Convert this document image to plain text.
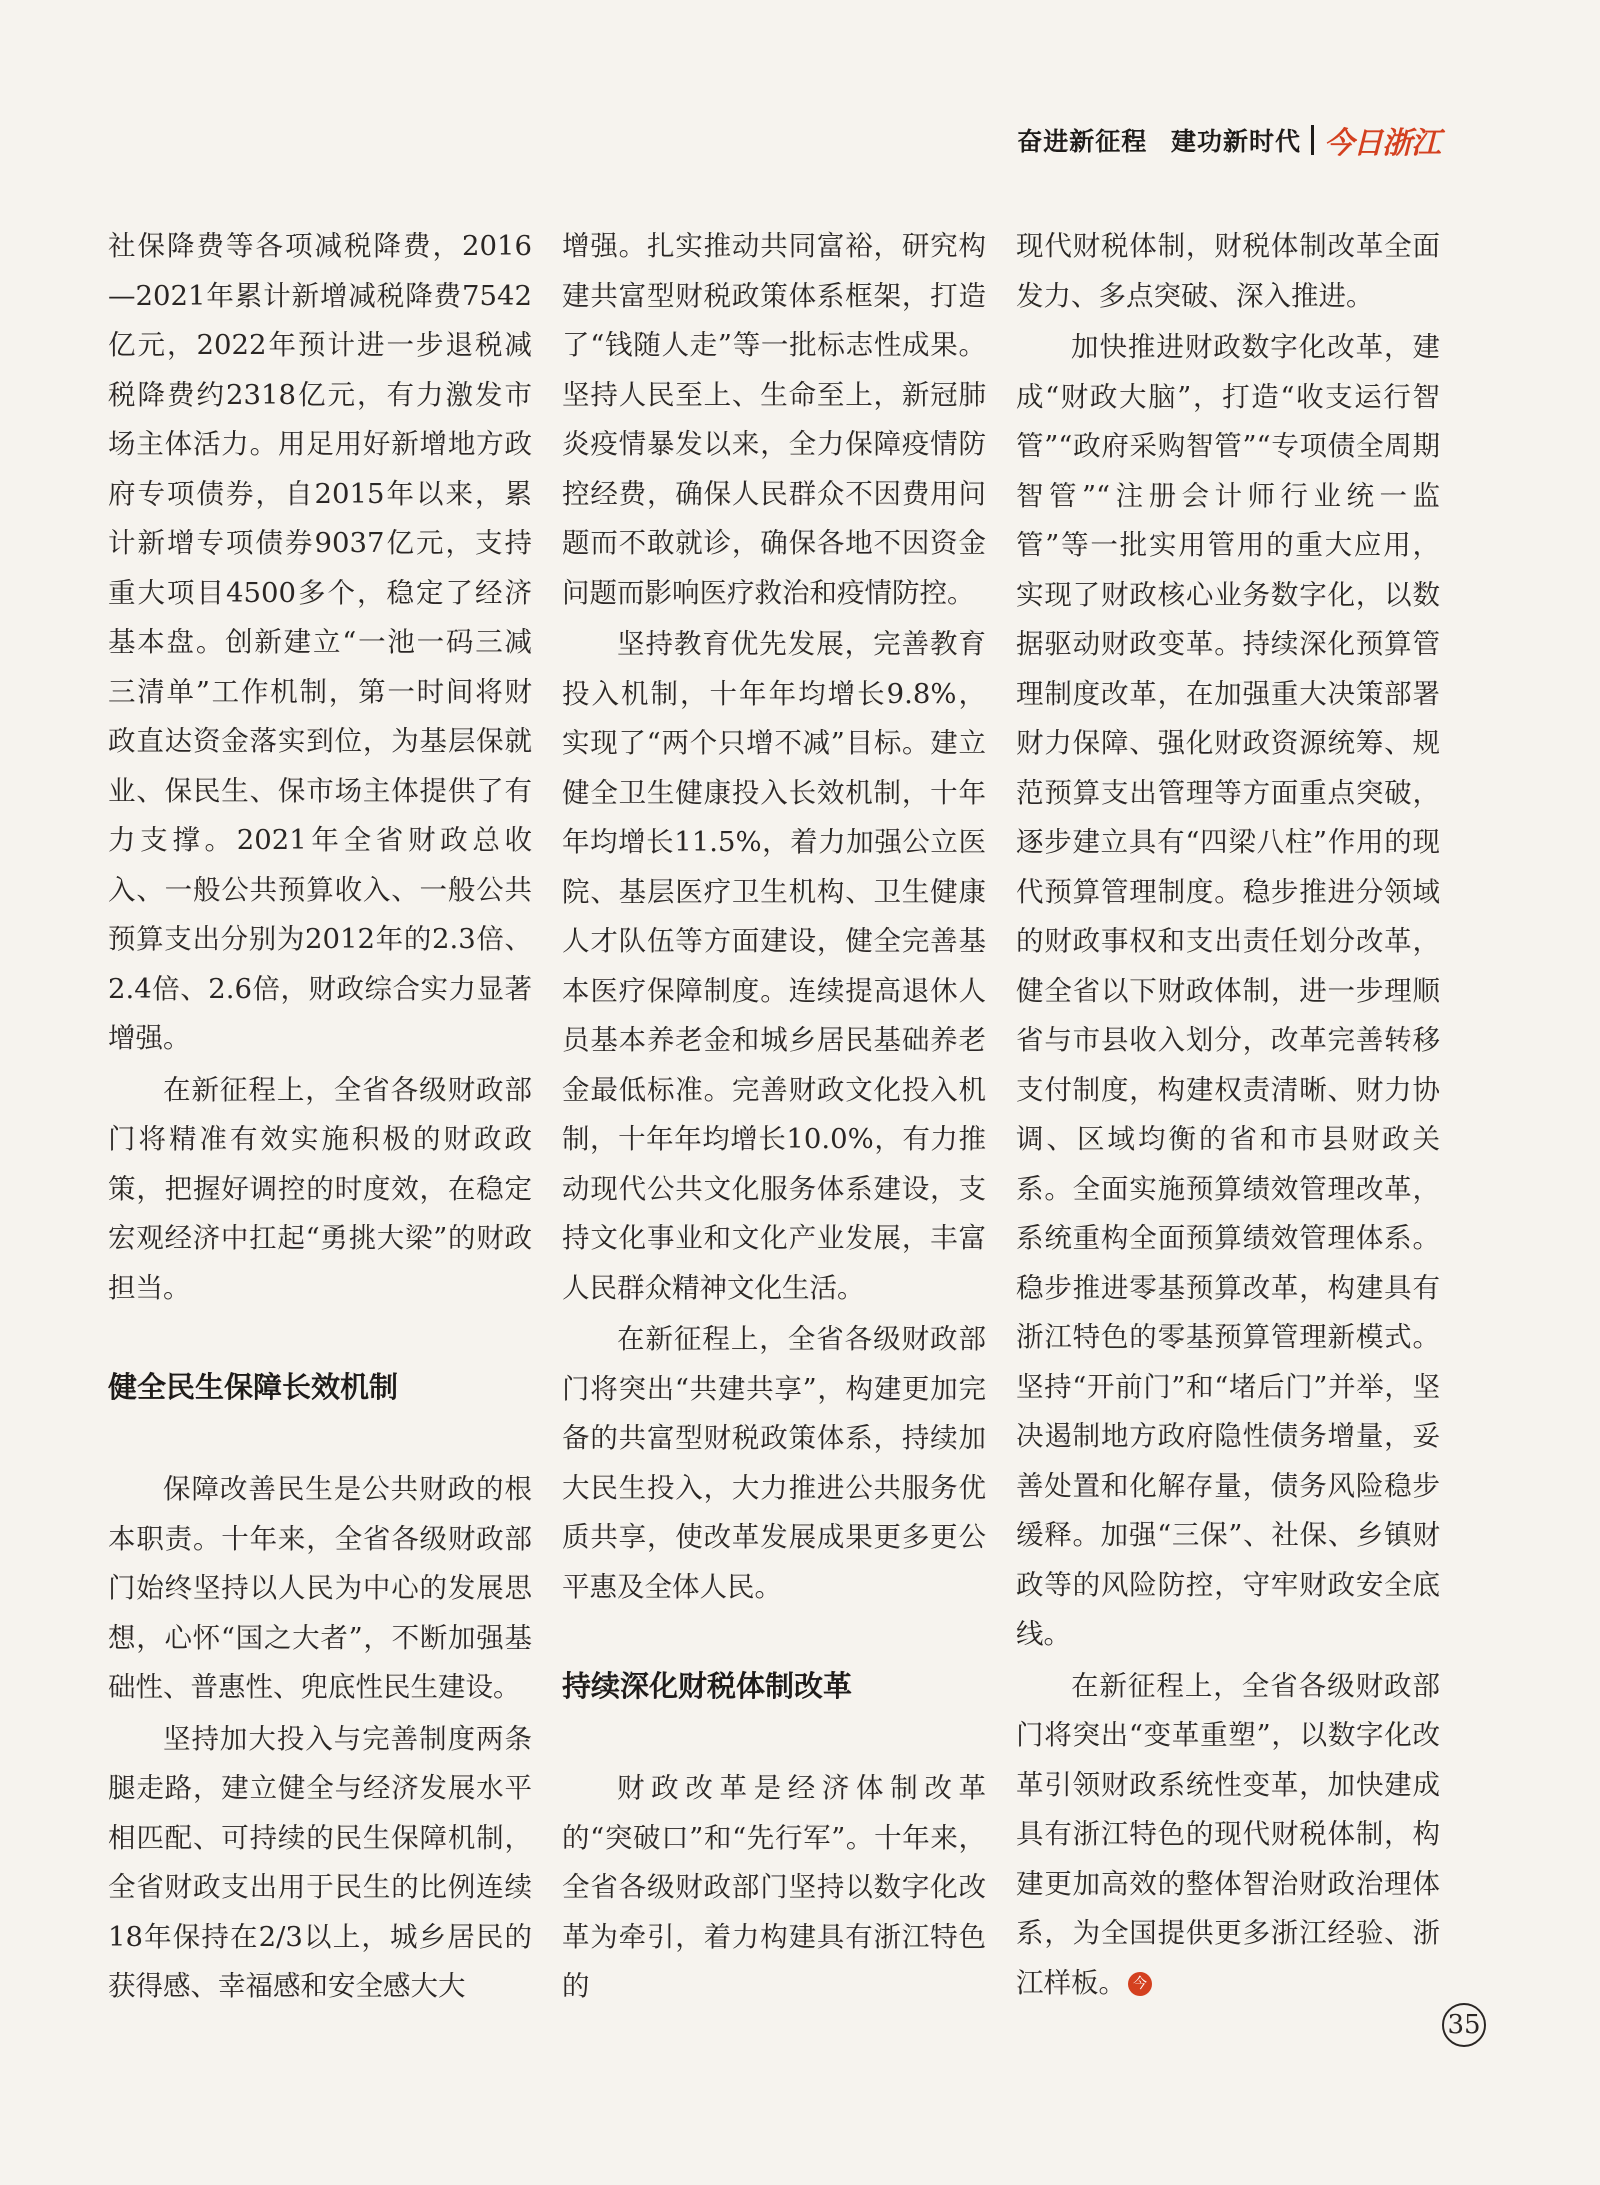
奋进新征程 建功新时代 今日浙江

社保降费等各项减税降费，2016—2021年累计新增减税降费7542亿元，2022年预计进一步退税减税降费约2318亿元，有力激发市场主体活力。用足用好新增地方政府专项债券，自2015年以来，累计新增专项债券9037亿元，支持重大项目4500多个，稳定了经济基本盘。创新建立“一池一码三减三清单”工作机制，第一时间将财政直达资金落实到位，为基层保就业、保民生、保市场主体提供了有力支撑。2021年全省财政总收入、一般公共预算收入、一般公共预算支出分别为2012年的2.3倍、2.4倍、2.6倍，财政综合实力显著增强。

在新征程上，全省各级财政部门将精准有效实施积极的财政政策，把握好调控的时度效，在稳定宏观经济中扛起“勇挑大梁”的财政担当。

健全民生保障长效机制

保障改善民生是公共财政的根本职责。十年来，全省各级财政部门始终坚持以人民为中心的发展思想，心怀“国之大者”，不断加强基础性、普惠性、兜底性民生建设。

坚持加大投入与完善制度两条腿走路，建立健全与经济发展水平相匹配、可持续的民生保障机制，全省财政支出用于民生的比例连续18年保持在2/3以上，城乡居民的获得感、幸福感和安全感大大

增强。扎实推动共同富裕，研究构建共富型财税政策体系框架，打造了“钱随人走”等一批标志性成果。坚持人民至上、生命至上，新冠肺炎疫情暴发以来，全力保障疫情防控经费，确保人民群众不因费用问题而不敢就诊，确保各地不因资金问题而影响医疗救治和疫情防控。

坚持教育优先发展，完善教育投入机制，十年年均增长9.8%，实现了“两个只增不减”目标。建立健全卫生健康投入长效机制，十年年均增长11.5%，着力加强公立医院、基层医疗卫生机构、卫生健康人才队伍等方面建设，健全完善基本医疗保障制度。连续提高退休人员基本养老金和城乡居民基础养老金最低标准。完善财政文化投入机制，十年年均增长10.0%，有力推动现代公共文化服务体系建设，支持文化事业和文化产业发展，丰富人民群众精神文化生活。

在新征程上，全省各级财政部门将突出“共建共享”，构建更加完备的共富型财税政策体系，持续加大民生投入，大力推进公共服务优质共享，使改革发展成果更多更公平惠及全体人民。

持续深化财税体制改革

财政改革是经济体制改革的“突破口”和“先行军”。十年来，全省各级财政部门坚持以数字化改革为牵引，着力构建具有浙江特色的

现代财税体制，财税体制改革全面发力、多点突破、深入推进。

加快推进财政数字化改革，建成“财政大脑”，打造“收支运行智管”“政府采购智管”“专项债全周期智管”“注册会计师行业统一监管”等一批实用管用的重大应用，实现了财政核心业务数字化，以数据驱动财政变革。持续深化预算管理制度改革，在加强重大决策部署财力保障、强化财政资源统筹、规范预算支出管理等方面重点突破，逐步建立具有“四梁八柱”作用的现代预算管理制度。稳步推进分领域的财政事权和支出责任划分改革，健全省以下财政体制，进一步理顺省与市县收入划分，改革完善转移支付制度，构建权责清晰、财力协调、区域均衡的省和市县财政关系。全面实施预算绩效管理改革，系统重构全面预算绩效管理体系。稳步推进零基预算改革，构建具有浙江特色的零基预算管理新模式。坚持“开前门”和“堵后门”并举，坚决遏制地方政府隐性债务增量，妥善处置和化解存量，债务风险稳步缓释。加强“三保”、社保、乡镇财政等的风险防控，守牢财政安全底线。

在新征程上，全省各级财政部门将突出“变革重塑”，以数字化改革引领财政系统性变革，加快建成具有浙江特色的现代财税体制，构建更加高效的整体智治财政治理体系，为全国提供更多浙江经验、浙江样板。 今

35
